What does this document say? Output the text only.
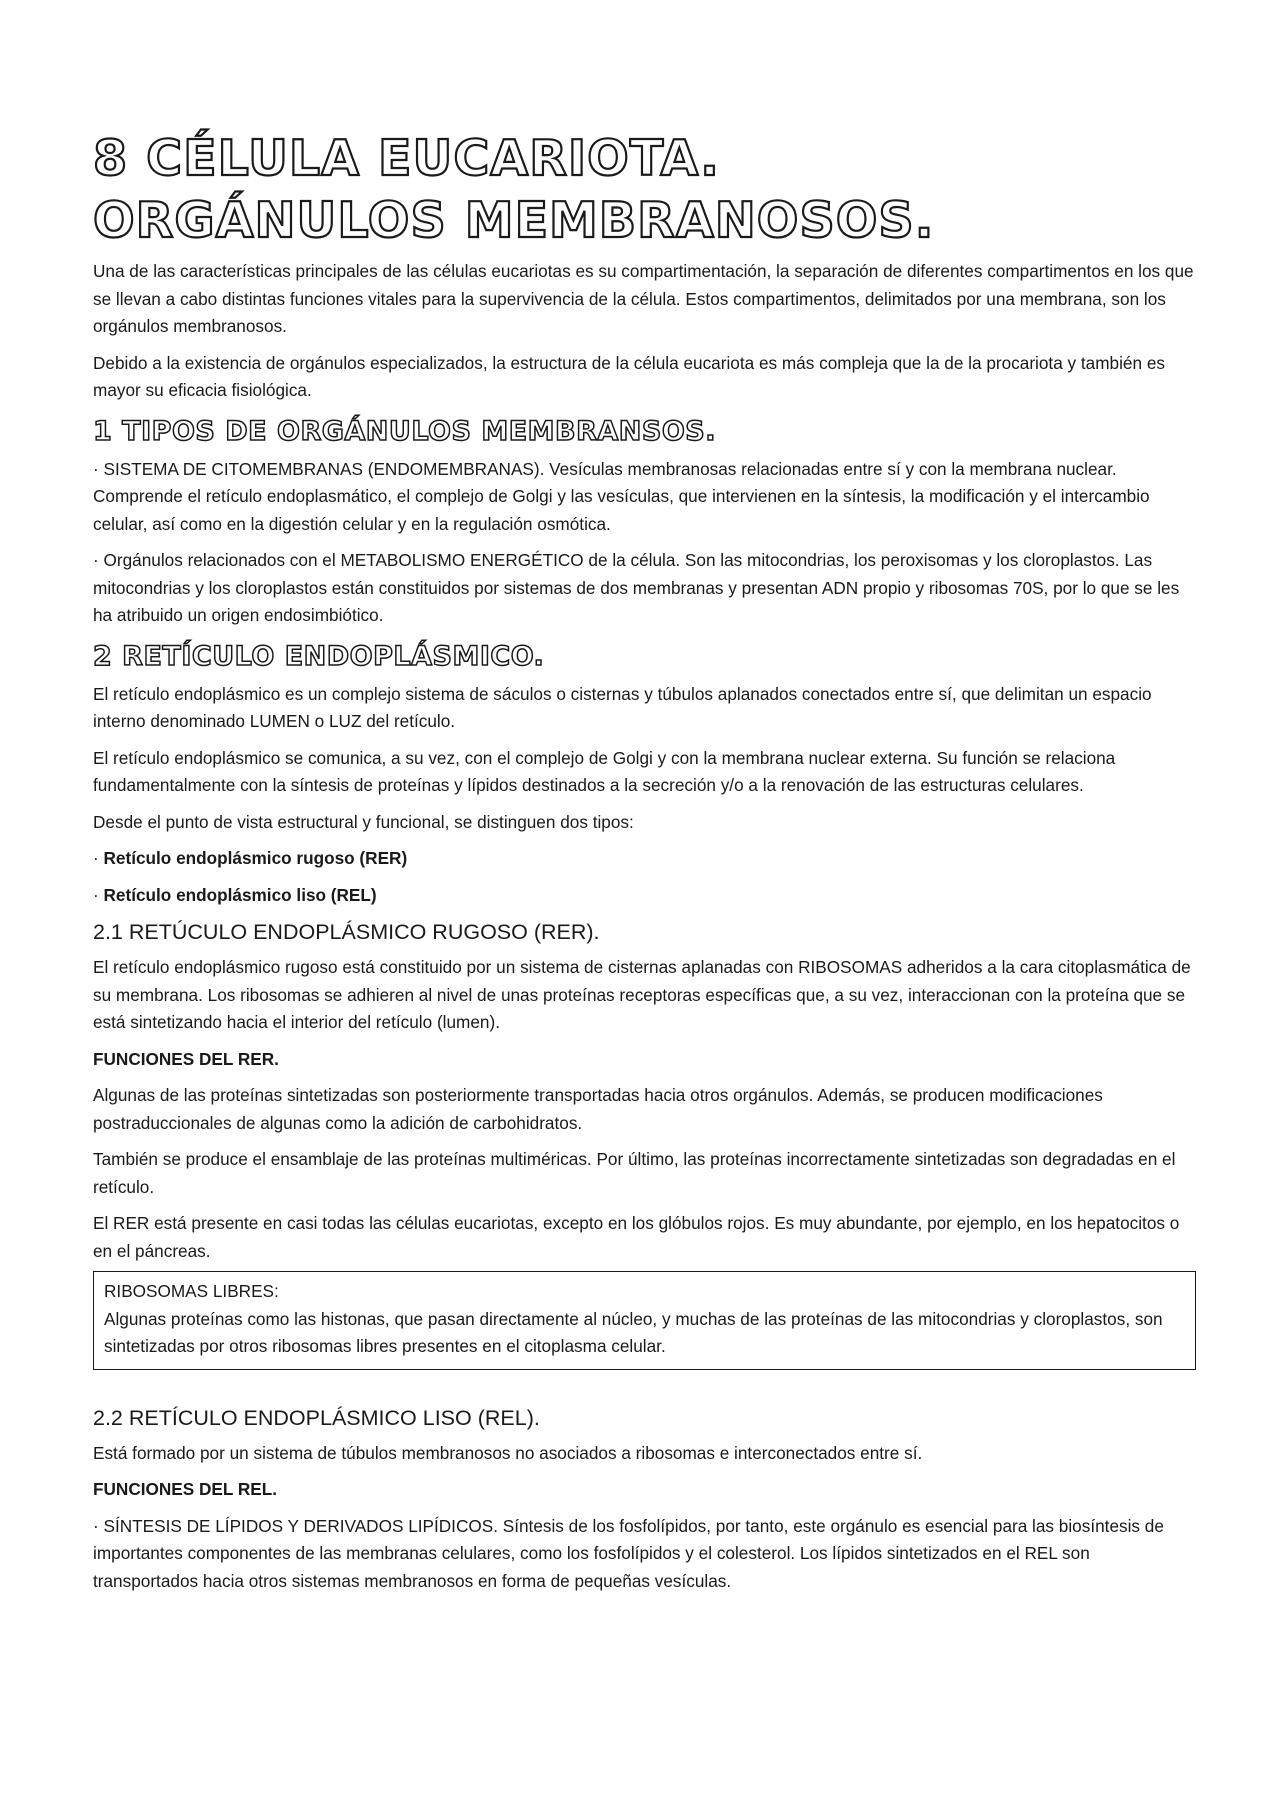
8 CÉLULA EUCARIOTA.
ORGÁNULOS MEMBRANOSOS.

Una de las características principales de las células eucariotas es su compartimentación, la separación de diferentes compartimentos en los que se llevan a cabo distintas funciones vitales para la supervivencia de la célula. Estos compartimentos, delimitados por una membrana, son los orgánulos membranosos.

Debido a la existencia de orgánulos especializados, la estructura de la célula eucariota es más compleja que la de la procariota y también es mayor su eficacia fisiológica.

1 TIPOS DE ORGÁNULOS MEMBRANSOS.

· SISTEMA DE CITOMEMBRANAS (ENDOMEMBRANAS). Vesículas membranosas relacionadas entre sí y con la membrana nuclear. Comprende el retículo endoplasmático, el complejo de Golgi y las vesículas, que intervienen en la síntesis, la modificación y el intercambio celular, así como en la digestión celular y en la regulación osmótica.

· Orgánulos relacionados con el METABOLISMO ENERGÉTICO de la célula. Son las mitocondrias, los peroxisomas y los cloroplastos. Las mitocondrias y los cloroplastos están constituidos por sistemas de dos membranas y presentan ADN propio y ribosomas 70S, por lo que se les ha atribuido un origen endosimbiótico.

2 RETÍCULO ENDOPLÁSMICO.

El retículo endoplásmico es un complejo sistema de sáculos o cisternas y túbulos aplanados conectados entre sí, que delimitan un espacio interno denominado LUMEN o LUZ del retículo.

El retículo endoplásmico se comunica, a su vez, con el complejo de Golgi y con la membrana nuclear externa. Su función se relaciona fundamentalmente con la síntesis de proteínas y lípidos destinados a la secreción y/o a la renovación de las estructuras celulares.

Desde el punto de vista estructural y funcional, se distinguen dos tipos:

· Retículo endoplásmico rugoso (RER)

· Retículo endoplásmico liso (REL)

2.1 RETÚCULO ENDOPLÁSMICO RUGOSO (RER).

El retículo endoplásmico rugoso está constituido por un sistema de cisternas aplanadas con RIBOSOMAS adheridos a la cara citoplasmática de su membrana. Los ribosomas se adhieren al nivel de unas proteínas receptoras específicas que, a su vez, interaccionan con la proteína que se está sintetizando hacia el interior del retículo (lumen).

FUNCIONES DEL RER.

Algunas de las proteínas sintetizadas son posteriormente transportadas hacia otros orgánulos. Además, se producen modificaciones postraduccionales de algunas como la adición de carbohidratos.

También se produce el ensamblaje de las proteínas multiméricas. Por último, las proteínas incorrectamente sintetizadas son degradadas en el retículo.

El RER está presente en casi todas las células eucariotas, excepto en los glóbulos rojos. Es muy abundante, por ejemplo, en los hepatocitos o en el páncreas.

RIBOSOMAS LIBRES:

Algunas proteínas como las histonas, que pasan directamente al núcleo, y muchas de las proteínas de las mitocondrias y cloroplastos, son sintetizadas por otros ribosomas libres presentes en el citoplasma celular.

2.2 RETÍCULO ENDOPLÁSMICO LISO (REL).

Está formado por un sistema de túbulos membranosos no asociados a ribosomas e interconectados entre sí.

FUNCIONES DEL REL.

· SÍNTESIS DE LÍPIDOS Y DERIVADOS LIPÍDICOS. Síntesis de los fosfolípidos, por tanto, este orgánulo es esencial para las biosíntesis de importantes componentes de las membranas celulares, como los fosfolípidos y el colesterol. Los lípidos sintetizados en el REL son transportados hacia otros sistemas membranosos en forma de pequeñas vesículas.
